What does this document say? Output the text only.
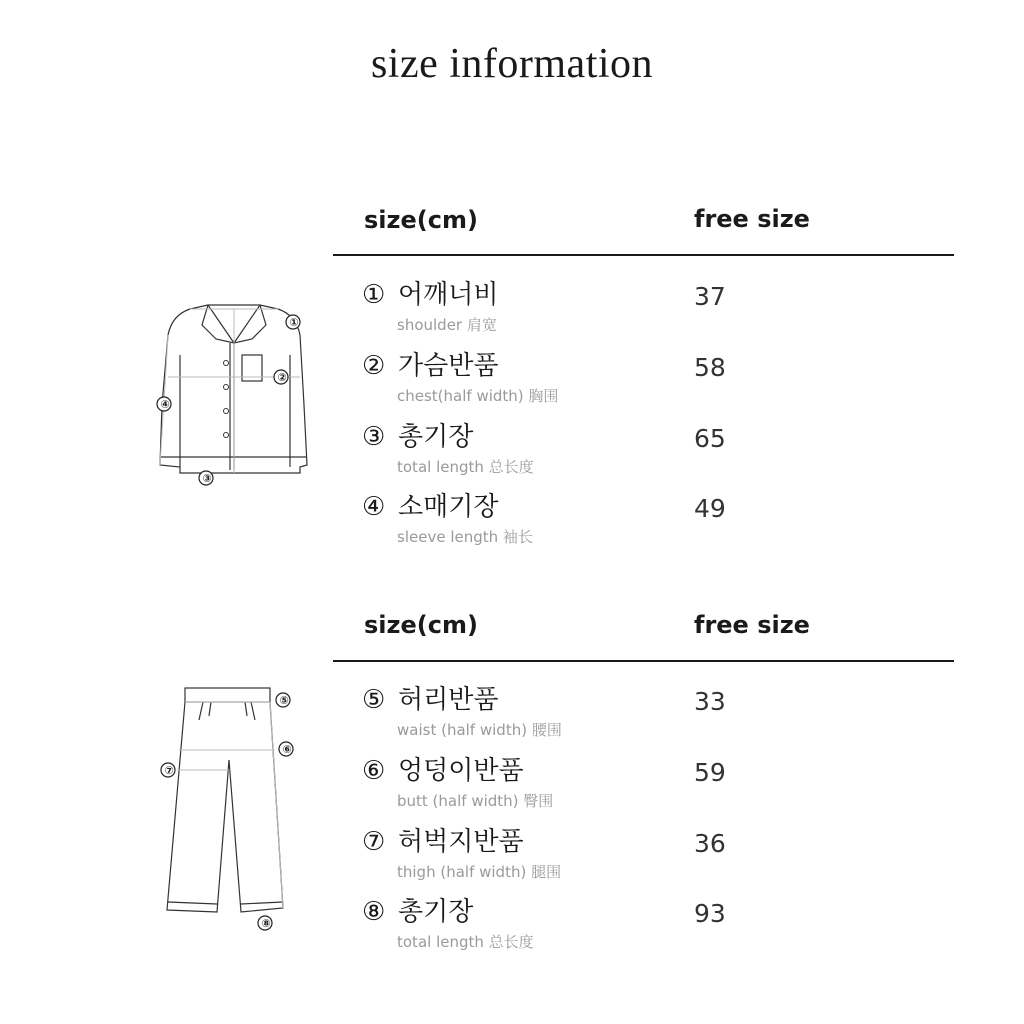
size information
①
②
③
④
⑤
⑥
⑦
⑧
size(cm)	free size
① 어깨너비
shoulder 肩宽
37
② 가슴반품
chest(half width) 胸围
58
③ 총기장
total length 总长度
65
④ 소매기장
sleeve length 袖长
49
size(cm)	free size
⑤ 허리반품
waist (half width) 腰围
33
⑥ 엉덩이반품
butt (half width) 臀围
59
⑦ 허벅지반품
thigh (half width) 腿围
36
⑧ 총기장
total length 总长度
93
